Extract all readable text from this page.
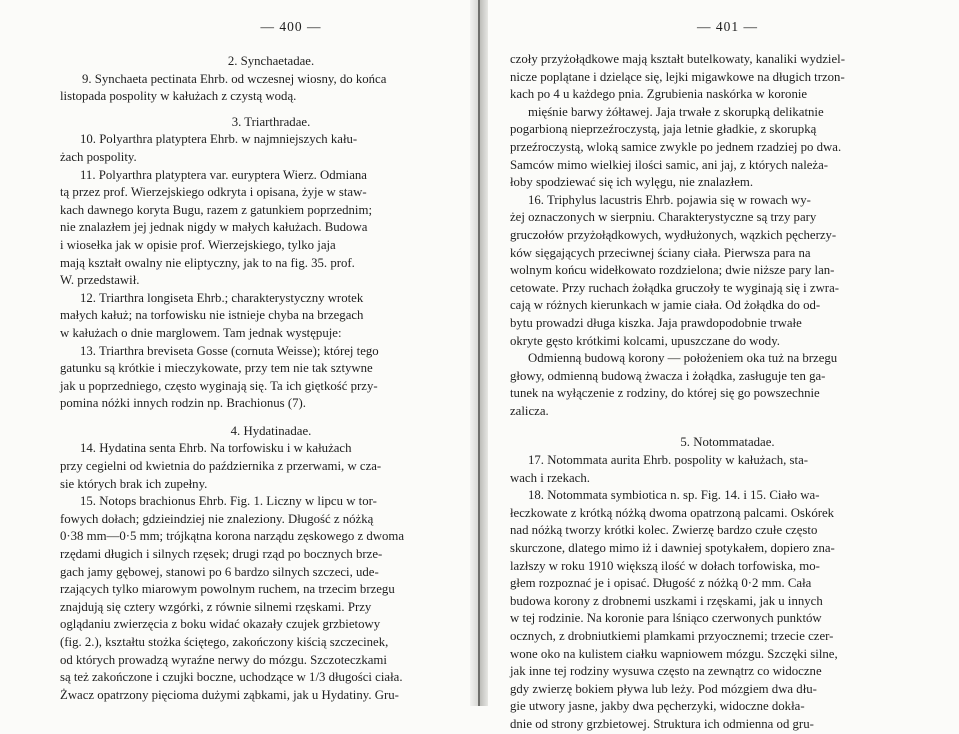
— 400 —
2. Synchaetadae.
9. Synchaeta pectinata Ehrb. od wczesnej wiosny, do końca
listopada pospolity w kałużach z czystą wodą.
3. Triarthradae.
10. Polyarthra platyptera Ehrb. w najmniejszych kału-
żach pospolity.
11. Polyarthra platyptera var. euryptera Wierz. Odmiana
tą przez prof. Wierzejskiego odkryta i opisana, żyje w staw-
kach dawnego koryta Bugu, razem z gatunkiem poprzednim;
nie znalazłem jej jednak nigdy w małych kałużach. Budowa
i wiosełka jak w opisie prof. Wierzejskiego, tylko jaja
mają kształt owalny nie eliptyczny, jak to na fig. 35. prof.
W. przedstawił.
12. Triarthra longiseta Ehrb.; charakterystyczny wrotek
małych kałuż; na torfowisku nie istnieje chyba na brzegach
w kałużach o dnie marglowem. Tam jednak występuje:
13. Triarthra breviseta Gosse (cornuta Weisse); której tego
gatunku są krótkie i mieczykowate, przy tem nie tak sztywne
jak u poprzedniego, często wyginają się. Ta ich giętkość przy-
pomina nóżki innych rodzin np. Brachionus (7).
4. Hydatinadae.
14. Hydatina senta Ehrb. Na torfowisku i w kałużach
przy cegielni od kwietnia do października z przerwami, w cza-
sie których brak ich zupełny.
15. Notops brachionus Ehrb. Fig. 1. Liczny w lipcu w tor-
fowych dołach; gdzieindziej nie znaleziony. Długość z nóżką
0·38 mm—0·5 mm; trójkątna korona narządu zęskowego z dwoma
rzędami długich i silnych rzęsek; drugi rząd po bocznych brze-
gach jamy gębowej, stanowi po 6 bardzo silnych szczeci, ude-
rzających tylko miarowym powolnym ruchem, na trzecim brzegu
znajdują się cztery wzgórki, z równie silnemi rzęskami. Przy
oglądaniu zwierzęcia z boku widać okazały czujek grzbietowy
(fig. 2.), kształtu stożka ściętego, zakończony kiścią szczecinek,
od których prowadzą wyraźne nerwy do mózgu. Szczoteczkami
są też zakończone i czujki boczne, uchodzące w 1/3 długości ciała.
Żwacz opatrzony pięcioma dużymi ząbkami, jak u Hydatiny. Gru-
— 401 —
czoły przyżołądkowe mają kształt butelkowaty, kanaliki wydziel-
nicze poplątane i dzielące się, lejki migawkowe na długich trzon-
kach po 4 u każdego pnia. Zgrubienia naskórka w koronie
mięśnie barwy żółtawej. Jaja trwałe z skorupką delikatnie
pogarbioną nieprzeźroczystą, jaja letnie gładkie, z skorupką
przeźroczystą, wloką samice zwykle po jednem rzadziej po dwa.
Samców mimo wielkiej ilości samic, ani jaj, z których należa-
łoby spodziewać się ich wylęgu, nie znalazłem.
16. Triphylus lacustris Ehrb. pojawia się w rowach wy-
żej oznaczonych w sierpniu. Charakterystyczne są trzy pary
gruczołów przyżołądkowych, wydłużonych, wązkich pęcherzy-
ków sięgających przeciwnej ściany ciała. Pierwsza para na
wolnym końcu widełkowato rozdzielona; dwie niższe pary lan-
cetowate. Przy ruchach żołądka gruczoły te wyginają się i zwra-
cają w różnych kierunkach w jamie ciała. Od żołądka do od-
bytu prowadzi długa kiszka. Jaja prawdopodobnie trwałe
okryte gęsto krótkimi kolcami, upuszczane do wody.
Odmienną budową korony — położeniem oka tuż na brzegu
głowy, odmienną budową żwacza i żołądka, zasługuje ten ga-
tunek na wyłączenie z rodziny, do której się go powszechnie
zalicza.
5. Notommatadae.
17. Notommata aurita Ehrb. pospolity w kałużach, sta-
wach i rzekach.
18. Notommata symbiotica n. sp. Fig. 14. i 15. Ciało wa-
łeczkowate z krótką nóżką dwoma opatrzoną palcami. Oskórek
nad nóżką tworzy krótki kolec. Zwierzę bardzo czułe często
skurczone, dlatego mimo iż i dawniej spotykałem, dopiero zna-
lazłszy w roku 1910 większą ilość w dołach torfowiska, mo-
głem rozpoznać je i opisać. Długość z nóżką 0·2 mm. Cała
budowa korony z drobnemi uszkami i rzęskami, jak u innych
w tej rodzinie. Na koronie para lśniąco czerwonych punktów
ocznych, z drobniutkiemi plamkami przyocznemi; trzecie czer-
wone oko na kulistem ciałku wapniowem mózgu. Szczęki silne,
jak inne tej rodziny wysuwa często na zewnątrz co widoczne
gdy zwierzę bokiem pływa lub leży. Pod mózgiem dwa dłu-
gie utwory jasne, jakby dwa pęcherzyki, widoczne dokła-
dnie od strony grzbietowej. Struktura ich odmienna od gru-
